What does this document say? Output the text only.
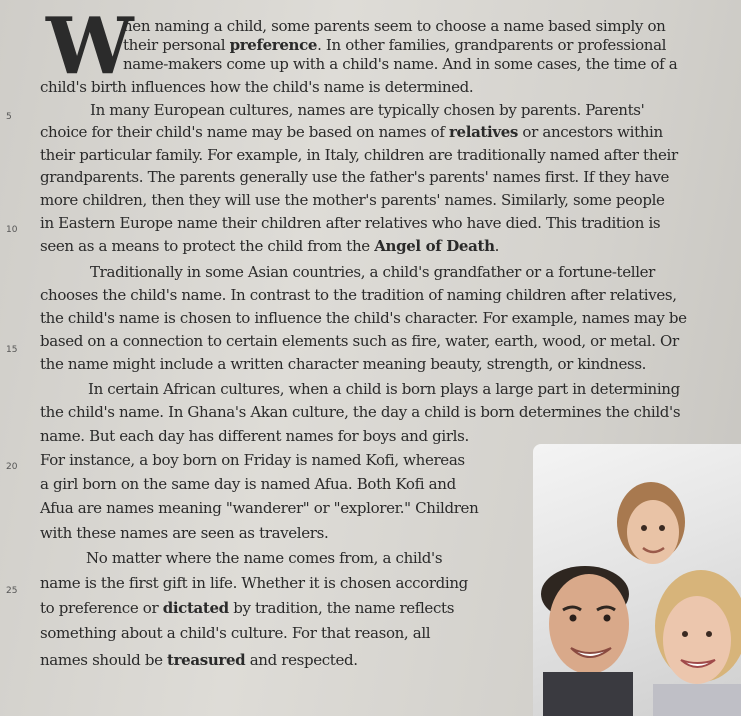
W
hen naming a child, some parents seem to choose a name based simply on
their personal preference. In other families, grandparents or professional
name-makers come up with a child's name. And in some cases, the time of a
child's birth influences how the child's name is determined.
In many European cultures, names are typically chosen by parents. Parents'
choice for their child's name may be based on names of relatives or ancestors within
their particular family. For example, in Italy, children are traditionally named after their
grandparents. The parents generally use the father's parents' names first. If they have
more children, then they will use the mother's parents' names. Similarly, some people
in Eastern Europe name their children after relatives who have died. This tradition is
seen as a means to protect the child from the Angel of Death.
Traditionally in some Asian countries, a child's grandfather or a fortune-teller
chooses the child's name. In contrast to the tradition of naming children after relatives,
the child's name is chosen to influence the child's character. For example, names may be
based on a connection to certain elements such as fire, water, earth, wood, or metal. Or
the name might include a written character meaning beauty, strength, or kindness.
In certain African cultures, when a child is born plays a large part in determining
the child's name. In Ghana's Akan culture, the day a child is born determines the child's
name. But each day has different names for boys and girls.
For instance, a boy born on Friday is named Kofi, whereas
a girl born on the same day is named Afua. Both Kofi and
Afua are names meaning "wanderer" or "explorer." Children
with these names are seen as travelers.
No matter where the name comes from, a child's
name is the first gift in life. Whether it is chosen according
to preference or dictated by tradition, the name reflects
something about a child's culture. For that reason, all
names should be treasured and respected.
5
10
15
20
25
